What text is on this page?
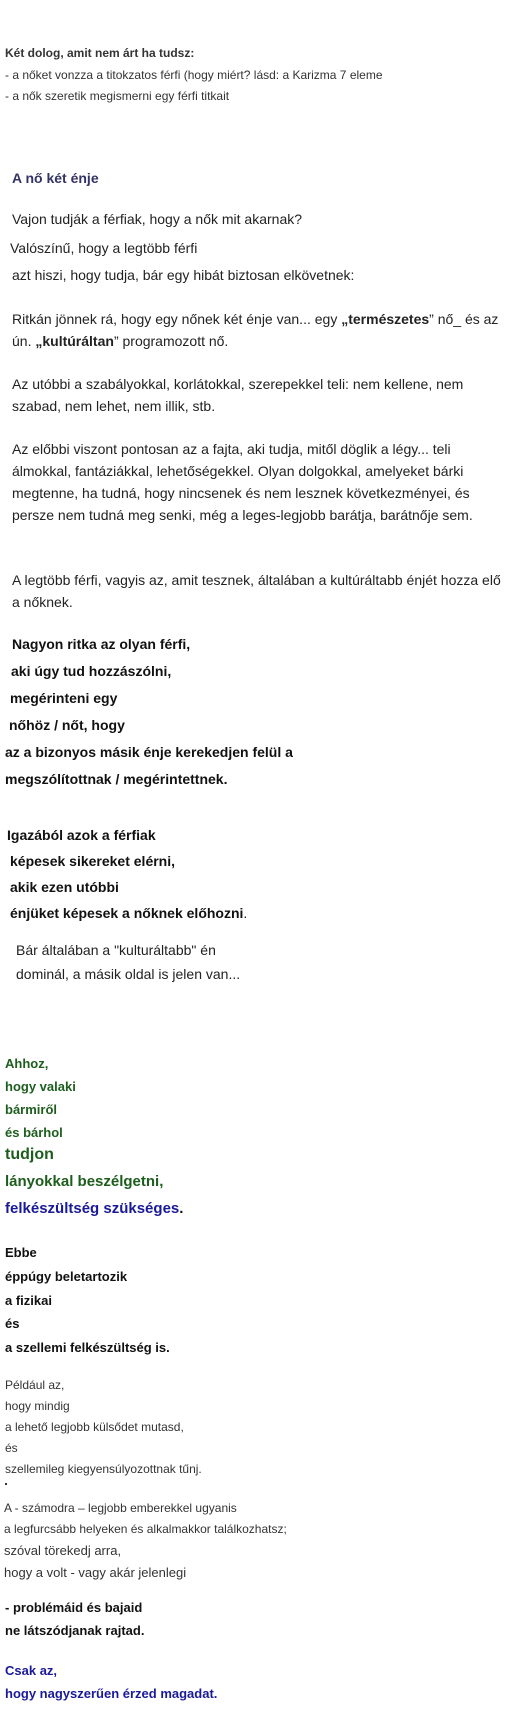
Két dolog, amit nem árt ha tudsz:

- a nőket vonzza a titokzatos férfi (hogy miért? lásd: a Karizma 7 eleme

- a nők szeretik megismerni egy férfi titkait

A nő két énje

Vajon tudják a férfiak, hogy a nők mit akarnak?

Valószínű, hogy a legtöbb férfi

azt hiszi, hogy tudja, bár egy hibát biztosan elkövetnek:

Ritkán jönnek rá, hogy egy nőnek két énje van... egy „természetes” nő_ és az

ún. „kultúráltan” programozott nő.

Az utóbbi a szabályokkal, korlátokkal, szerepekkel teli: nem kellene, nem

szabad, nem lehet, nem illik, stb.

Az előbbi viszont pontosan az a fajta, aki tudja, mitől döglik a légy... teli

álmokkal, fantáziákkal, lehetőségekkel. Olyan dolgokkal, amelyeket bárki

megtenne, ha tudná, hogy nincsenek és nem lesznek következményei, és

persze nem tudná meg senki, még a leges-legjobb barátja, barátnője sem.

A legtöbb férfi, vagyis az, amit tesznek, általában a kultúráltabb énjét hozza elő

a nőknek.

Nagyon ritka az olyan férfi,

aki úgy tud hozzászólni,

megérinteni egy

nőhöz / nőt, hogy

az a bizonyos másik énje kerekedjen felül a

megszólítottnak / megérintettnek.

Igazából azok a férfiak

képesek sikereket elérni,

akik ezen utóbbi

énjüket képesek a nőknek előhozni.

Bár általában a "kulturáltabb" én

dominál, a másik oldal is jelen van...

Ahhoz,

hogy valaki

bármiről

és bárhol

tudjon

lányokkal beszélgetni,

felkészültség szükséges.

Ebbe

éppúgy beletartozik

a fizikai

és

a szellemi felkészültség is.

Például az,

hogy mindig

a lehető legjobb külsődet mutasd,

és

szellemileg kiegyensúlyozottnak tűnj.

A - számodra – legjobb emberekkel ugyanis

a legfurcsább helyeken és alkalmakkor találkozhatsz;

szóval törekedj arra,

hogy a volt - vagy akár jelenlegi

- problémáid és bajaid

ne látszódjanak rajtad.

Csak az,

hogy nagyszerűen érzed magadat.
